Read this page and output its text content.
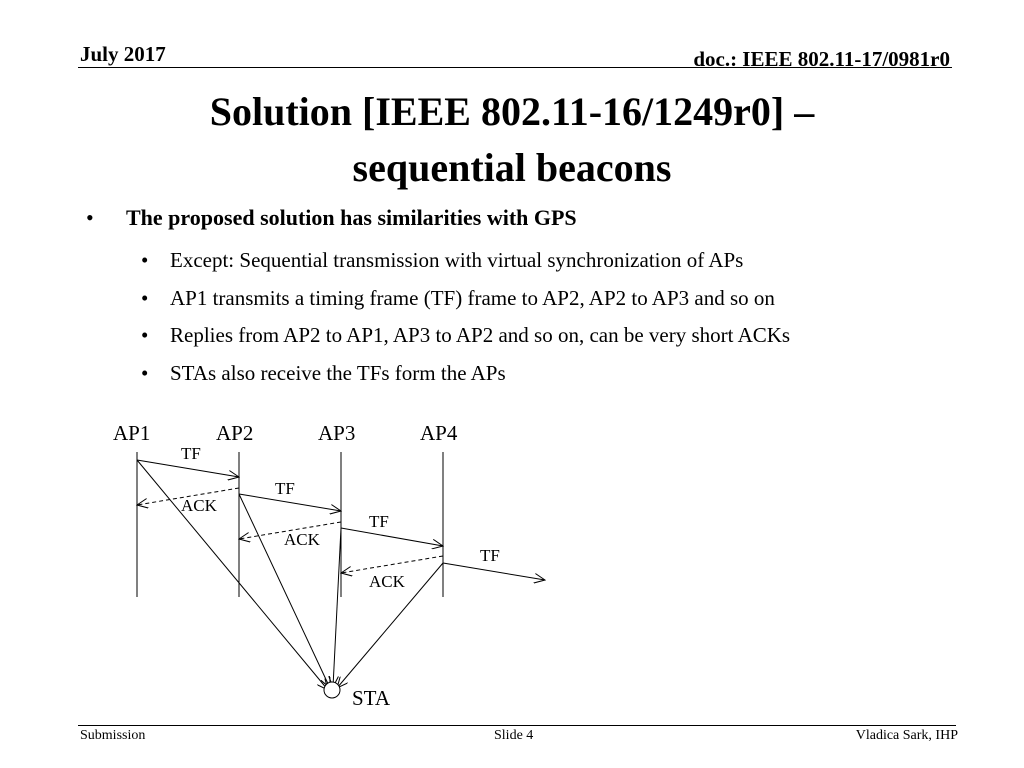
July 2017	doc.: IEEE 802.11-17/0981r0
Solution [IEEE 802.11-16/1249r0] –
sequential beacons
• The proposed solution has similarities with GPS
• Except: Sequential transmission with virtual synchronization of APs
• AP1 transmits a timing frame (TF) frame to AP2, AP2 to AP3 and so on
• Replies from AP2 to AP1, AP3 to AP2 and so on, can be very short ACKs
• STAs also receive the TFs form the APs
AP1	AP2	AP3	AP4
TF
TF
TF
TF
ACK
ACK
ACK
STA
Submission	Slide 4	Vladica Sark, IHP
